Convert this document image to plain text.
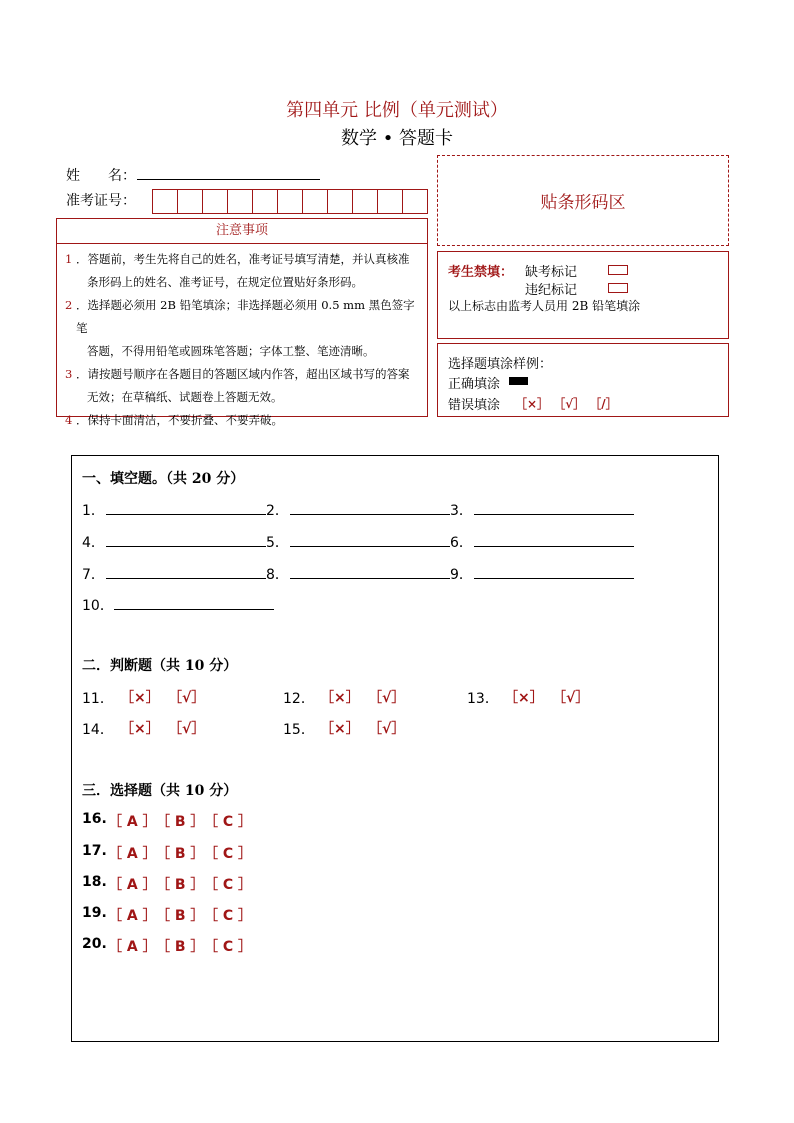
第四单元 比例（单元测试）
数学 • 答题卡
姓　　名：
准考证号：
注意事项
1 ．答题前，考生先将自己的姓名，准考证号填写清楚，并认真核准
条形码上的姓名、准考证号，在规定位置贴好条形码。
2 ．选择题必须用 2B 铅笔填涂；非选择题必须用 0.5 mm 黑色签字笔
答题，不得用铅笔或圆珠笔答题；字体工整、笔迹清晰。
3 ．请按题号顺序在各题目的答题区域内作答，超出区域书写的答案
无效；在草稿纸、试题卷上答题无效。
4 ．保持卡面清洁，不要折叠、不要弄破。
贴条形码区
考生禁填： 缺考标记
违纪标记
以上标志由监考人员用 2B 铅笔填涂
选择题填涂样例：
正确填涂
错误填涂 ［×］ ［√］ ［/］
一、填空题。（共 20 分）
1．	2．	3．
4．	5．	6．
7．	8．	9．
10．
二．判断题（共 10 分）
11． ［×］ ［√］	12． ［×］ ［√］	13． ［×］ ［√］
14． ［×］ ［√］	15． ［×］ ［√］
三．选择题（共 10 分）
16. ［ A ］ ［ B ］ ［ C ］
17. ［ A ］ ［ B ］ ［ C ］
18. ［ A ］ ［ B ］ ［ C ］
19. ［ A ］ ［ B ］ ［ C ］
20. ［ A ］ ［ B ］ ［ C ］
